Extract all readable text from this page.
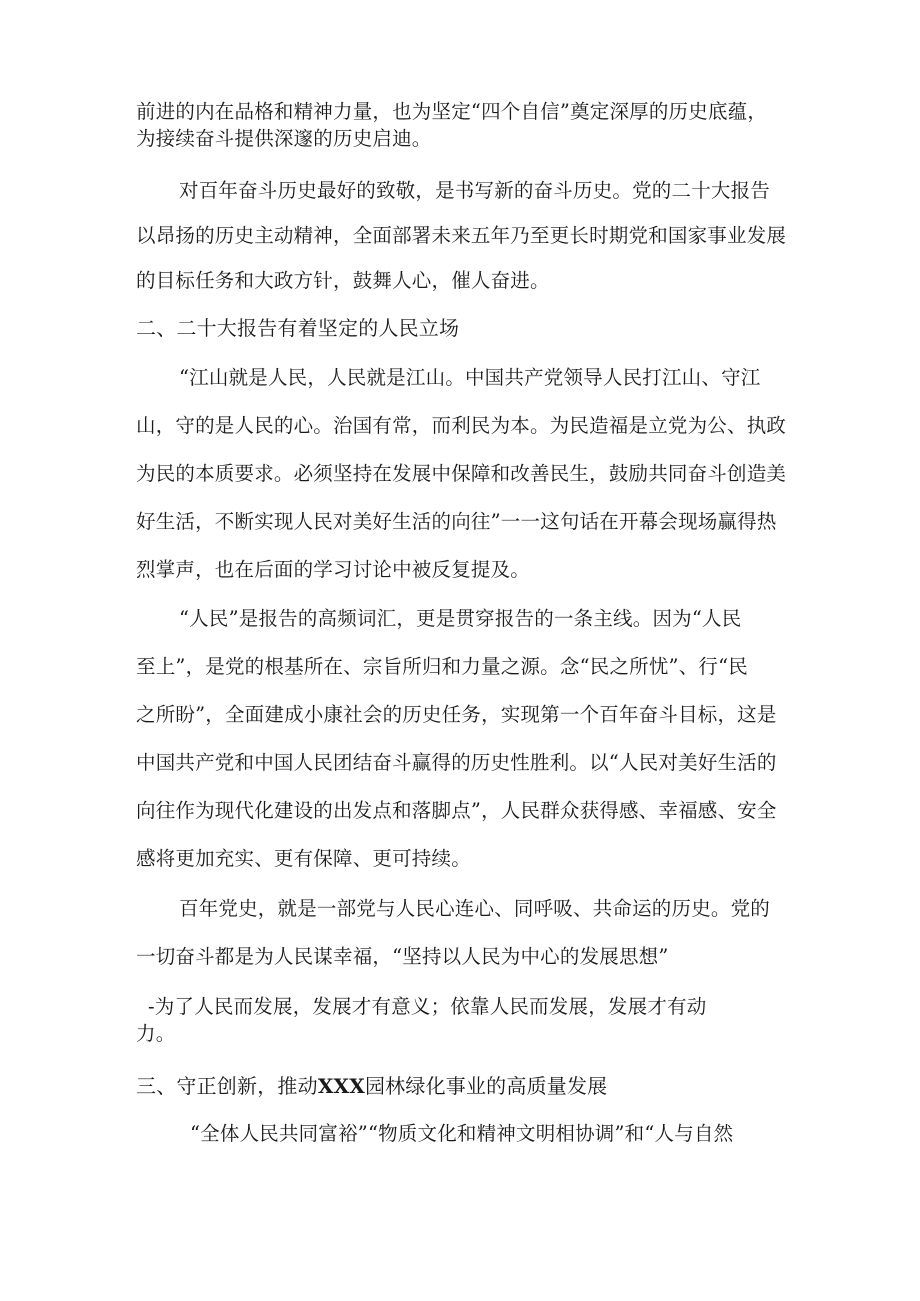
前进的内在品格和精神力量，也为坚定“四个自信”奠定深厚的历史底蕴，
为接续奋斗提供深邃的历史启迪。
对百年奋斗历史最好的致敬，是书写新的奋斗历史。党的二十大报告
以昂扬的历史主动精神，全面部署未来五年乃至更长时期党和国家事业发展
的目标任务和大政方针，鼓舞人心，催人奋进。
二、二十大报告有着坚定的人民立场
“江山就是人民，人民就是江山。中国共产党领导人民打江山、守江
山，守的是人民的心。治国有常，而利民为本。为民造福是立党为公、执政
为民的本质要求。必须坚持在发展中保障和改善民生，鼓励共同奋斗创造美
好生活，不断实现人民对美好生活的向往”一一这句话在开幕会现场赢得热
烈掌声，也在后面的学习讨论中被反复提及。
“人民”是报告的高频词汇，更是贯穿报告的一条主线。因为“人民
至上”，是党的根基所在、宗旨所归和力量之源。念“民之所忧”、行“民
之所盼”，全面建成小康社会的历史任务，实现第一个百年奋斗目标，这是
中国共产党和中国人民团结奋斗赢得的历史性胜利。以“人民对美好生活的
向往作为现代化建设的出发点和落脚点”，人民群众获得感、幸福感、安全
感将更加充实、更有保障、更可持续。
百年党史，就是一部党与人民心连心、同呼吸、共命运的历史。党的
一切奋斗都是为人民谋幸福，“坚持以人民为中心的发展思想”
-为了人民而发展，发展才有意义；依靠人民而发展，发展才有动
力。
三、守正创新，推动XXX园林绿化事业的高质量发展
“全体人民共同富裕”“物质文化和精神文明相协调”和“人与自然
